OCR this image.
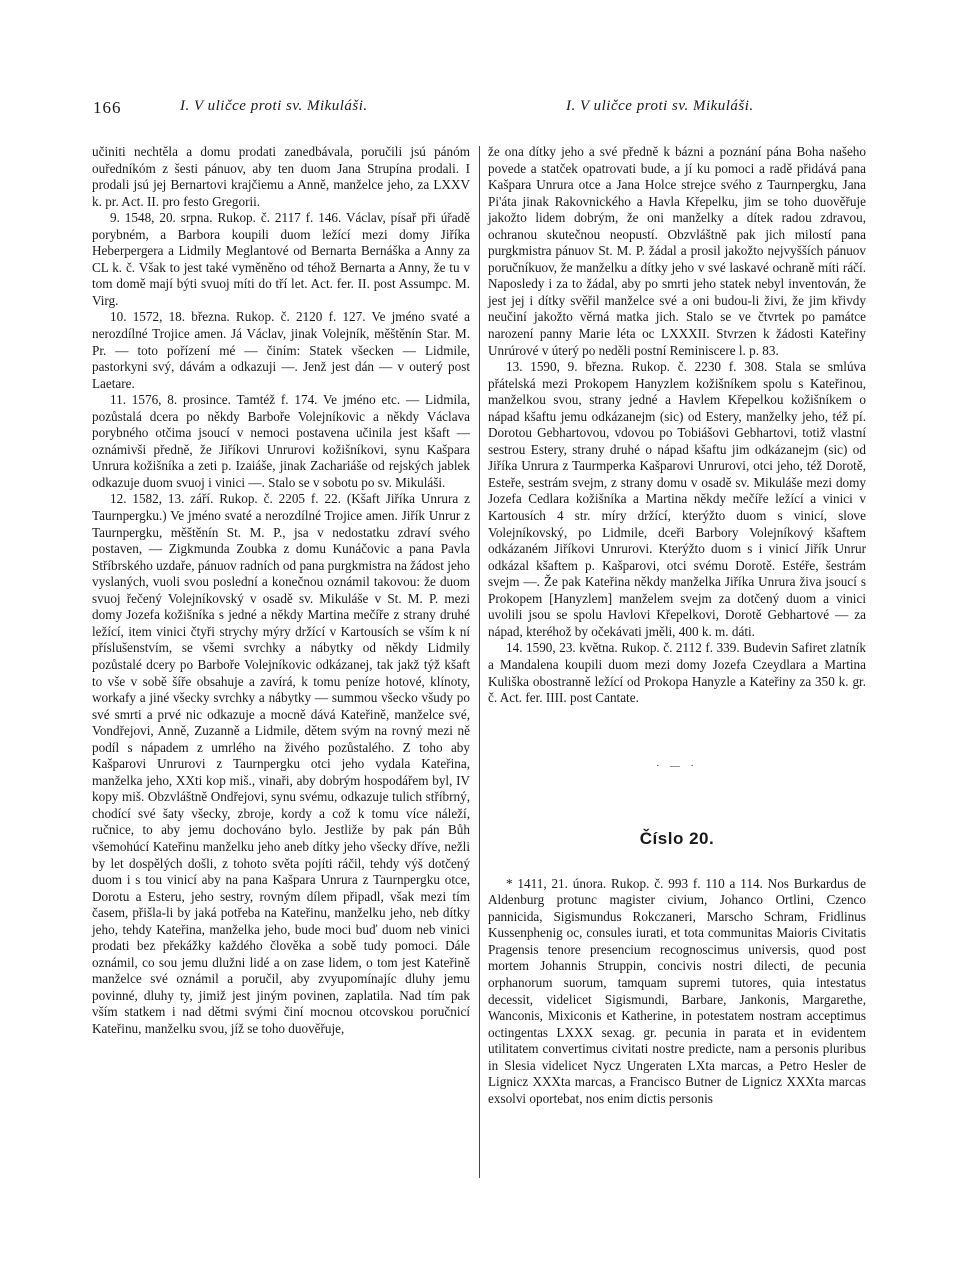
166	I. V uličce proti sv. Mikuláši.	I. V uličce proti sv. Mikuláši.

učiniti nechtěla a domu prodati zanedbávala, poručili jsú pánóm ouředníkóm z šesti pánuov, aby ten duom Jana Strupína prodali. I prodali jsú jej Bernartovi krajčiemu a Anně, manželce jeho, za LXXV k. pr. Act. II. pro festo Gregorii.

9. 1548, 20. srpna. Rukop. č. 2117 f. 146. Václav, písař při úřadě porybném, a Barbora koupili duom ležící mezi domy Jiříka Heberpergera a Lidmily Meglantové od Bernarta Bernáška a Anny za CL k. č. Však to jest také vyměněno od téhož Bernarta a Anny, že tu v tom domě mají býti svuoj míti do tří let. Act. fer. II. post Assumpc. M. Virg.

10. 1572, 18. března. Rukop. č. 2120 f. 127. Ve jméno svaté a nerozdílné Trojice amen. Já Václav, jinak Volejník, měštěnín Star. M. Pr. — toto pořízení mé — činím: Statek všecken — Lidmile, pastorkyni svý, dávám a odkazuji —. Jenž jest dán — v outerý post Laetare.

11. 1576, 8. prosince. Tamtéž f. 174. Ve jméno etc. — Lidmila, pozůstalá dcera po někdy Barboře Volejníkovic a někdy Václava porybného otčima jsoucí v nemoci postavena učinila jest kšaft — oznámivši předně, že Jiříkovi Unrurovi kožišníkovi, synu Kašpara Unrura kožišníka a zeti p. Izaiáše, jinak Zachariáše od rejských jablek odkazuje duom svuoj i vinici —. Stalo se v sobotu po sv. Mikuláši.

12. 1582, 13. září. Rukop. č. 2205 f. 22. (Kšaft Jiříka Unrura z Taurnpergku.) Ve jméno svaté a nerozdílné Trojice amen. Jiřík Unrur z Taurnpergku, měštěnín St. M. P., jsa v nedostatku zdraví svého postaven, — Zigkmunda Zoubka z domu Kunáčovic a pana Pavla Stříbrského uzdaře, pánuov radních od pana purgkmistra na žádost jeho vyslaných, vuoli svou poslední a konečnou oznámil takovou: že duom svuoj řečený Volejníkovský v osadě sv. Mikuláše v St. M. P. mezi domy Jozefa kožišníka s jedné a někdy Martina mečíře z strany druhé ležící, item vinici čtyři strychy mýry držící v Kartousích se vším k ní příslušenstvím, se všemi svrchky a nábytky od někdy Lidmily pozůstalé dcery po Barboře Volejníkovic odkázanej, tak jakž týž kšaft to vše v sobě šíře obsahuje a zavírá, k tomu peníze hotové, klínoty, workafy a jiné všecky svrchky a nábytky — summou všecko všudy po své smrti a prvé nic odkazuje a mocně dává Kateřině, manželce své, Vondřejovi, Anně, Zuzanně a Lidmile, dětem svým na rovný mezi ně podíl s nápadem z umrlého na živého pozůstalého. Z toho aby Kašparovi Unrurovi z Taurnpergku otci jeho vydala Kateřina, manželka jeho, XXti kop miš., vinaři, aby dobrým hospodářem byl, IV kopy miš. Obzvláštně Ondřejovi, synu svému, odkazuje tulich stříbrný, chodící své šaty všecky, zbroje, kordy a což k tomu více náleží, ručnice, to aby jemu dochováno bylo. Jestliže by pak pán Bůh všemohúcí Kateřinu manželku jeho aneb dítky jeho všecky dříve, nežli by let dospělých došli, z tohoto světa pojíti ráčil, tehdy výš dotčený duom i s tou vinicí aby na pana Kašpara Unrura z Taurnpergku otce, Dorotu a Esteru, jeho sestry, rovným dílem připadl, však mezi tím časem, přišla-li by jaká potřeba na Kateřinu, manželku jeho, neb dítky jeho, tehdy Kateřina, manželka jeho, bude moci buď duom neb vinici prodati bez překážky každého člověka a sobě tudy pomoci. Dále oznámil, co sou jemu dlužni lidé a on zase lidem, o tom jest Kateřině manželce své oznámil a poručil, aby zvyupomínajíc dluhy jemu povinné, dluhy ty, jimiž jest jiným povinen, zaplatila. Nad tím pak vším statkem i nad dětmi svými činí mocnou otcovskou poručnicí Kateřinu, manželku svou, jíž se toho duověřuje,

že ona dítky jeho a své předně k bázni a poznání pána Boha našeho povede a statček opatrovati bude, a jí ku pomoci a radě přidává pana Kašpara Unrura otce a Jana Holce strejce svého z Taurnpergku, Jana Pi'áta jinak Rakovnického a Havla Křepelku, jim se toho duověřuje jakožto lidem dobrým, že oni manželky a dítek radou zdravou, ochranou skutečnou neopustí. Obzvláštně pak jich milostí pana purgkmistra pánuov St. M. P. žádal a prosil jakožto nejvyšších pánuov poručníkuov, že manželku a dítky jeho v své laskavé ochraně míti ráčí. Naposledy i za to žádal, aby po smrti jeho statek nebyl inventován, že jest jej i dítky svěřil manželce své a oni budou-li živi, že jim křivdy neučiní jakožto věrná matka jich. Stalo se ve čtvrtek po památce narození panny Marie léta oc LXXXII. Stvrzen k žádosti Kateřiny Unrúrové v úterý po neděli postní Reminiscere l. p. 83.

13. 1590, 9. března. Rukop. č. 2230 f. 308. Stala se smlúva přátelská mezi Prokopem Hanyzlem kožišníkem spolu s Kateřinou, manželkou svou, strany jedné a Havlem Křepelkou kožišníkem o nápad kšaftu jemu odkázanejm (sic) od Estery, manželky jeho, též pí. Dorotou Gebhartovou, vdovou po Tobiášovi Gebhartovi, totiž vlastní sestrou Estery, strany druhé o nápad kšaftu jim odkázanejm (sic) od Jiříka Unrura z Taurmperka Kašparovi Unrurovi, otci jeho, též Dorotě, Esteře, sestrám svejm, z strany domu v osadě sv. Mikuláše mezi domy Jozefa Cedlara kožišníka a Martina někdy mečíře ležící a vinici v Kartousích 4 str. míry držící, kterýžto duom s vinicí, slove Volejníkovský, po Lidmile, dceři Barbory Volejníkový kšaftem odkázaném Jiříkovi Unrurovi. Kterýžto duom s i vinicí Jiřík Unrur odkázal kšaftem p. Kašparovi, otci svému Dorotě. Estéře, šestrám svejm —. Že pak Kateřina někdy manželka Jiříka Unrura živa jsoucí s Prokopem [Hanyzlem] manželem svejm za dotčený duom a vinici uvolili jsou se spolu Havlovi Křepelkovi, Dorotě Gebhartové — za nápad, kteréhož by očekávati jměli, 400 k. m. dáti.

14. 1590, 23. května. Rukop. č. 2112 f. 339. Budevin Safiret zlatník a Mandalena koupili duom mezi domy Jozefa Czeydlara a Martina Kuliška obostranně ležící od Prokopa Hanyzle a Kateřiny za 350 k. gr. č. Act. fer. IIII. post Cantate.

· — ·
Číslo 20.

* 1411, 21. února. Rukop. č. 993 f. 110 a 114. Nos Burkardus de Aldenburg protunc magister civium, Johanco Ortlini, Czenco pannicida, Sigismundus Rokczaneri, Marscho Schram, Fridlinus Kussenphenig oc, consules iurati, et tota communitas Maioris Civitatis Pragensis tenore presencium recognoscimus universis, quod post mortem Johannis Struppin, concivis nostri dilecti, de pecunia orphanorum suorum, tamquam supremi tutores, quia intestatus decessit, videlicet Sigismundi, Barbare, Jankonis, Margarethe, Wanconis, Mixiconis et Katherine, in potestatem nostram acceptimus octingentas LXXX sexag. gr. pecunia in parata et in evidentem utilitatem convertimus civitati nostre predicte, nam a personis pluribus in Slesia videlicet Nycz Ungeraten LXta marcas, a Petro Hesler de Lignicz XXXta marcas, a Francisco Butner de Lignicz XXXta marcas exsolvi oportebat, nos enim dictis personis
